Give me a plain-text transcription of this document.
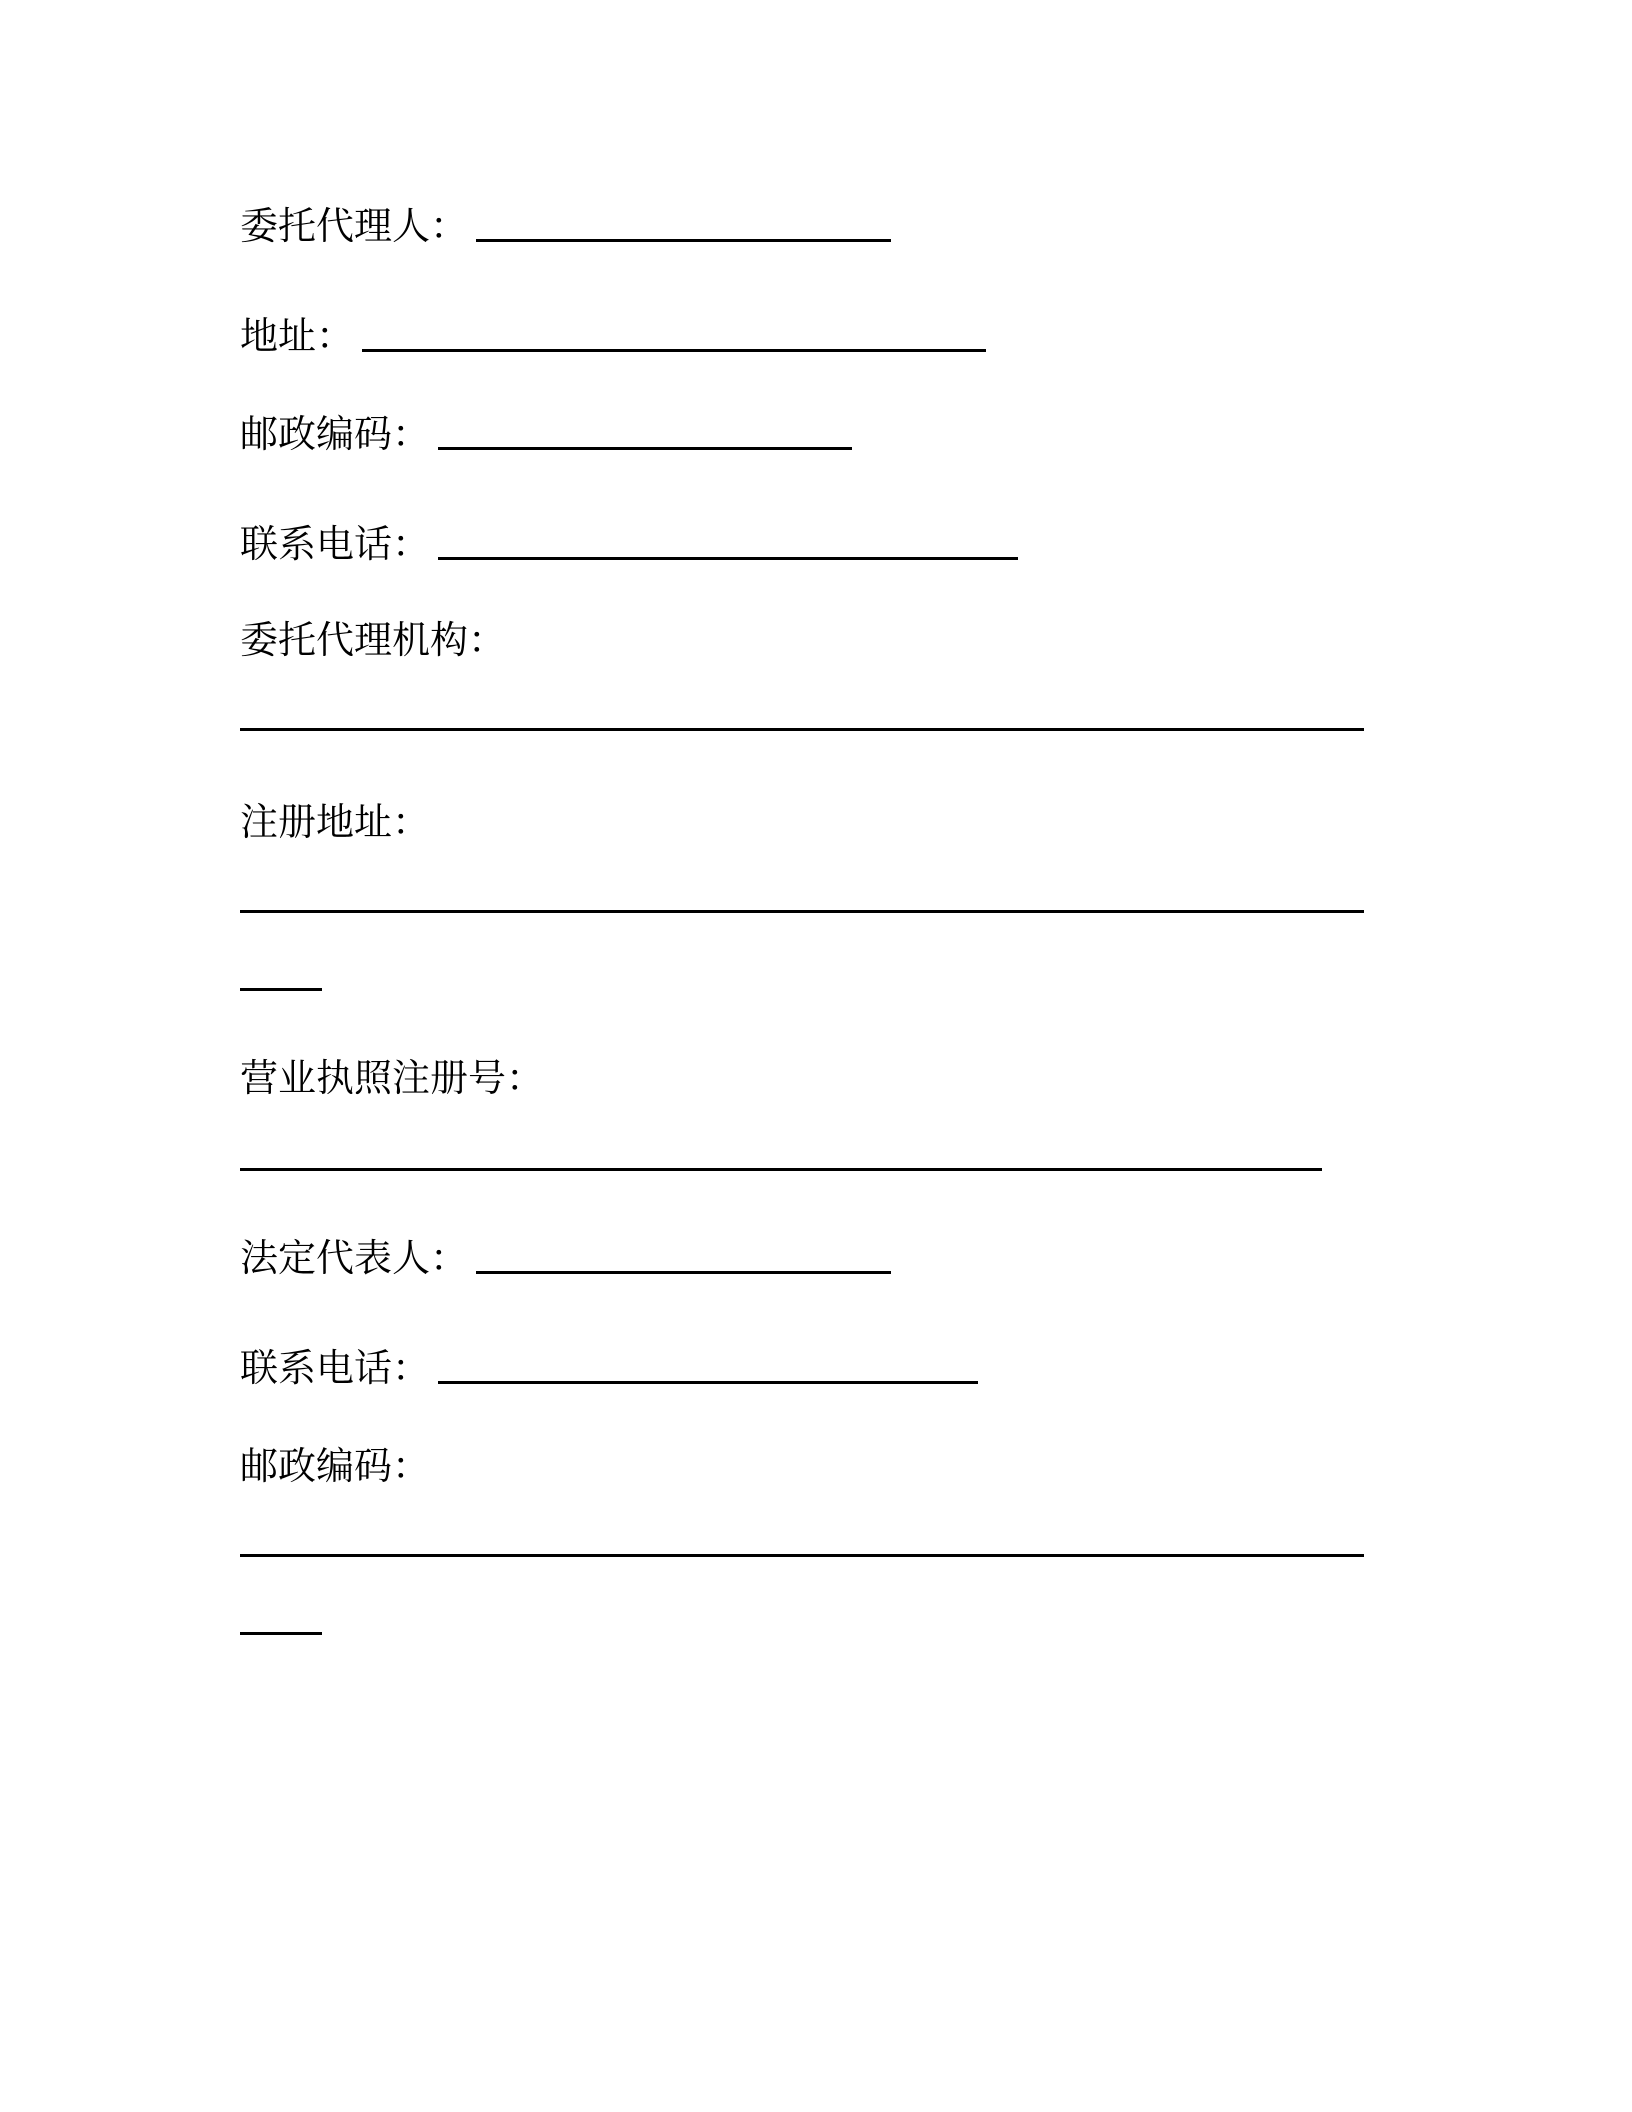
委托代理人：
地址：
邮政编码：
联系电话：
委托代理机构：
注册地址：
营业执照注册号：
法定代表人：
联系电话：
邮政编码：
